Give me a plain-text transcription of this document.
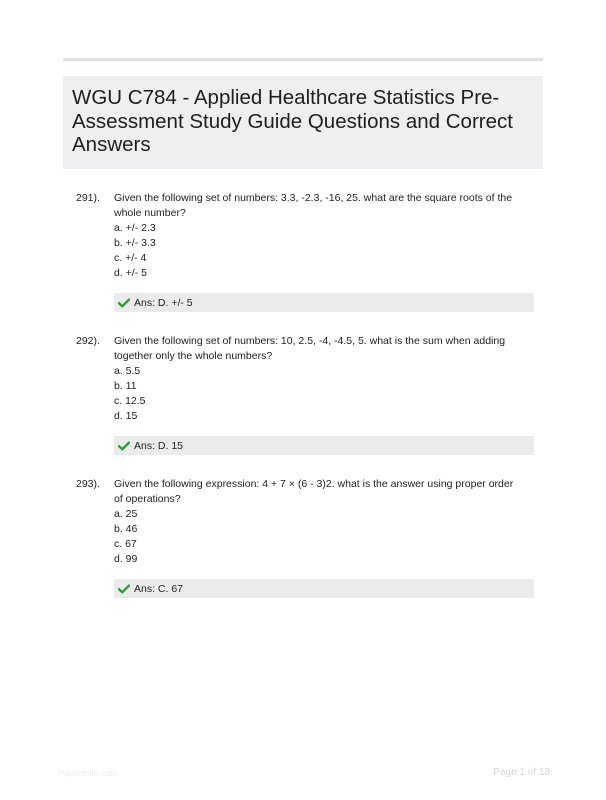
WGU C784 - Applied Healthcare Statistics Pre-Assessment Study Guide Questions and Correct Answers
291). Given the following set of numbers: 3.3, -2.3, -16, 25. what are the square roots of the whole number?
a. +/- 2.3
b. +/- 3.3
c. +/- 4
d. +/- 5
Ans: D. +/- 5
292). Given the following set of numbers: 10, 2.5, -4, -4.5, 5. what is the sum when adding together only the whole numbers?
a. 5.5
b. 11
c. 12.5
d. 15
Ans: D. 15
293). Given the following expression: 4 + 7 × (6 - 3)2. what is the answer using proper order of operations?
a. 25
b. 46
c. 67
d. 99
Ans: C. 67
Paperfolio.com	Page 1 of 13
